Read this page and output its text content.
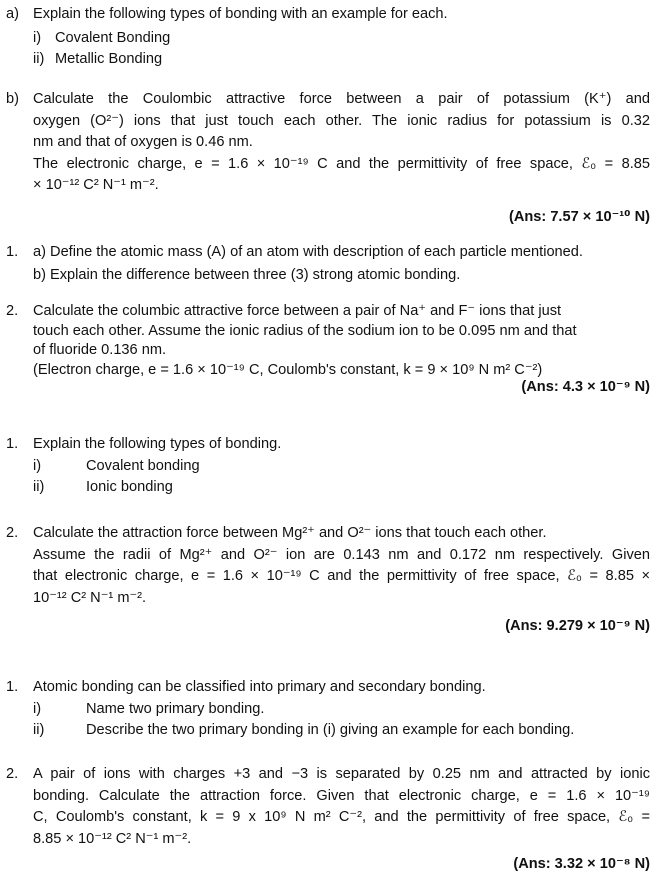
a) Explain the following types of bonding with an example for each.
i) Covalent Bonding
ii) Metallic Bonding
b) Calculate the Coulombic attractive force between a pair of potassium (K⁺) and
oxygen (O²⁻) ions that just touch each other. The ionic radius for potassium is 0.32
nm and that of oxygen is 0.46 nm.
The electronic charge, e = 1.6 × 10⁻¹⁹ C and the permittivity of free space, ℰ₀ = 8.85
× 10⁻¹² C² N⁻¹ m⁻².
(Ans: 7.57 × 10⁻¹⁰ N)
1.	a) Define the atomic mass (A) of an atom with description of each particle mentioned.
b) Explain the difference between three (3) strong atomic bonding.
2.	Calculate the columbic attractive force between a pair of Na⁺ and F⁻ ions that just
touch each other. Assume the ionic radius of the sodium ion to be 0.095 nm and that
of fluoride 0.136 nm.
(Electron charge, e = 1.6 × 10⁻¹⁹ C, Coulomb's constant, k = 9 × 10⁹ N m² C⁻²)
(Ans: 4.3 × 10⁻⁹ N)
1.	Explain the following types of bonding.
i)	Covalent bonding
ii)	Ionic bonding
2.	Calculate the attraction force between Mg²⁺ and O²⁻ ions that touch each other.
Assume the radii of Mg²⁺ and O²⁻ ion are 0.143 nm and 0.172 nm respectively. Given
that electronic charge, e = 1.6 × 10⁻¹⁹ C and the permittivity of free space, ℰ₀ = 8.85 ×
10⁻¹² C² N⁻¹ m⁻².
(Ans: 9.279 × 10⁻⁹ N)
1.	Atomic bonding can be classified into primary and secondary bonding.
i)	Name two primary bonding.
ii)	Describe the two primary bonding in (i) giving an example for each bonding.
2.	A pair of ions with charges +3 and −3 is separated by 0.25 nm and attracted by ionic
bonding. Calculate the attraction force. Given that electronic charge, e = 1.6 × 10⁻¹⁹
C, Coulomb's constant, k = 9 x 10⁹ N m² C⁻², and the permittivity of free space, ℰ₀ =
8.85 × 10⁻¹² C² N⁻¹ m⁻².
(Ans: 3.32 × 10⁻⁸ N)
